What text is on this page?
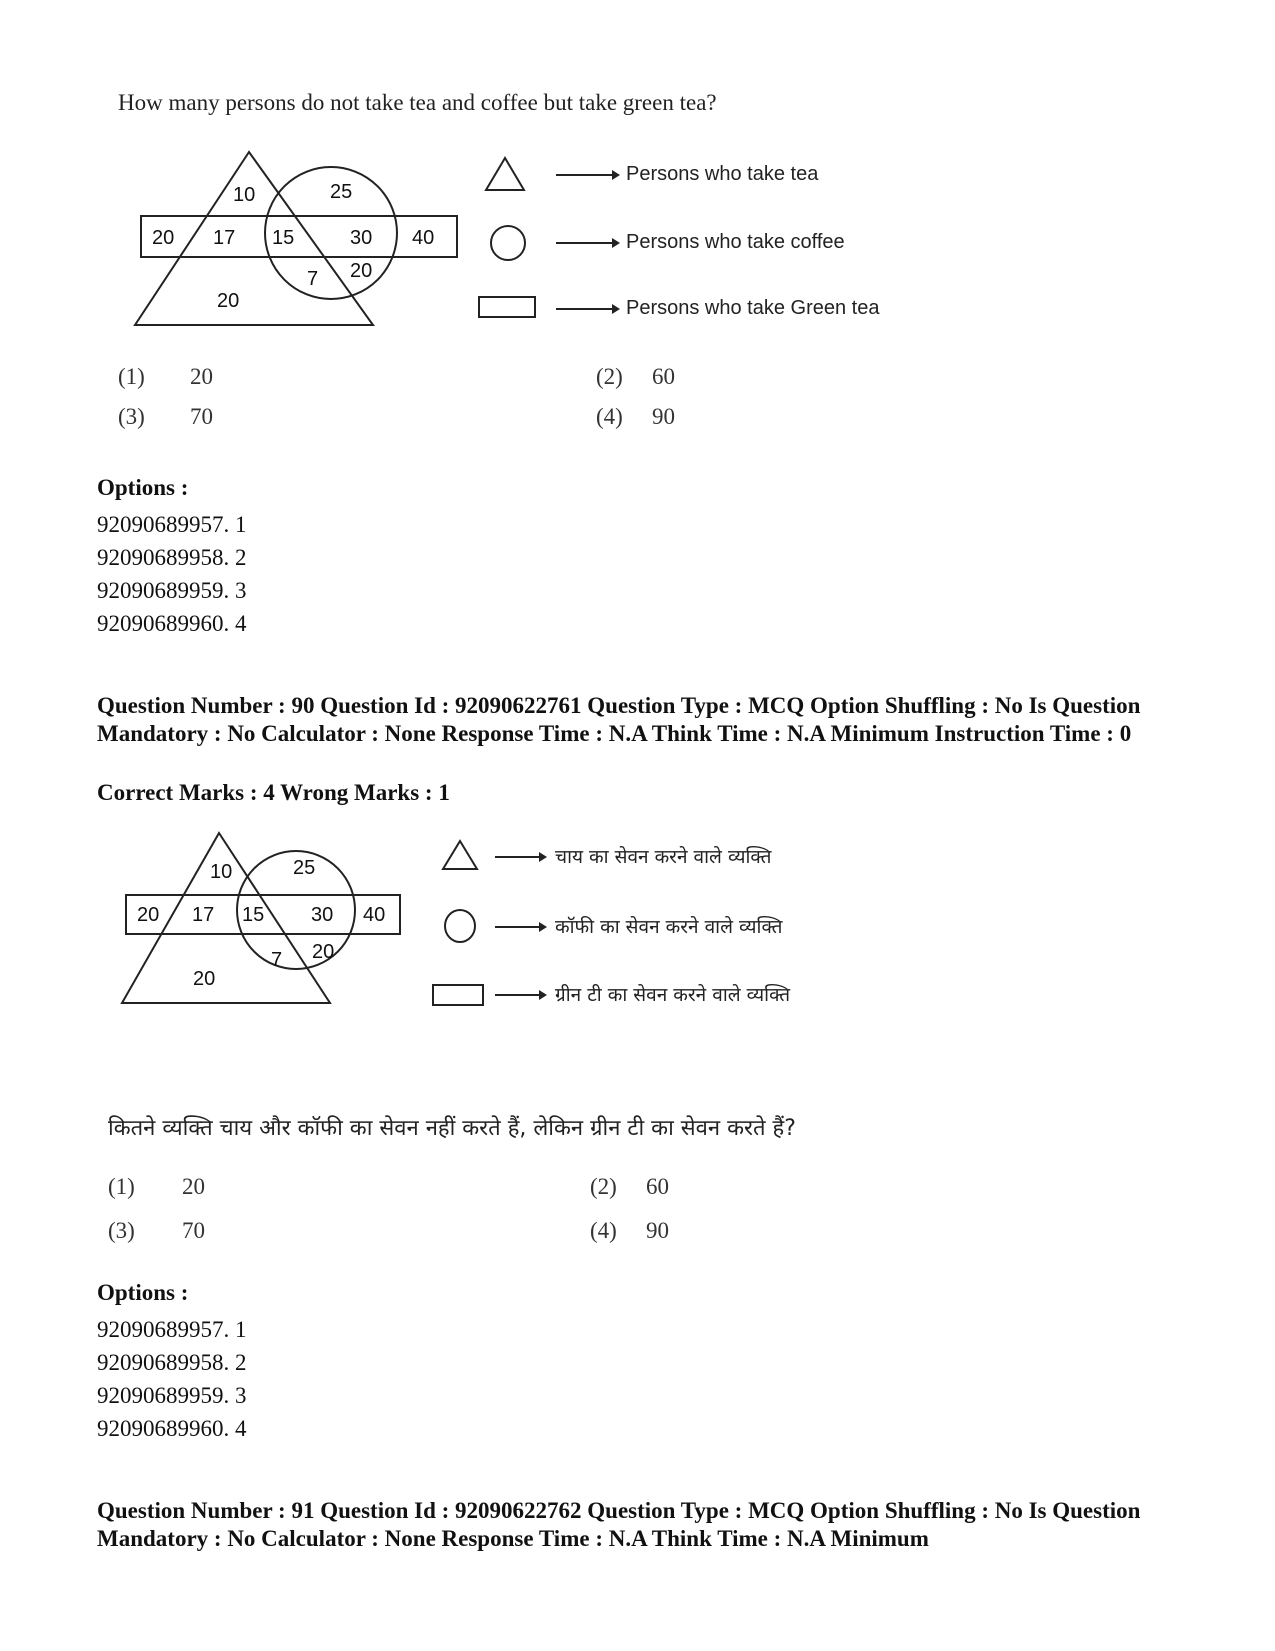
How many persons do not take tea and coffee but take green tea?
10	25
20 17 15	30 40
7 20
20
Persons who take tea
Persons who take coffee
Persons who take Green tea
(1) 20	(2) 60
(3) 70	(4) 90
Options :
92090689957. 1
92090689958. 2
92090689959. 3
92090689960. 4
Question Number : 90 Question Id : 92090622761 Question Type : MCQ Option Shuffling : No Is Question Mandatory : No Calculator : None Response Time : N.A Think Time : N.A Minimum Instruction Time : 0
Correct Marks : 4 Wrong Marks : 1
10	25
20 17 15 30 40
7 20
20
चाय का सेवन करने वाले व्यक्ति
कॉफी का सेवन करने वाले व्यक्ति
ग्रीन टी का सेवन करने वाले व्यक्ति
कितने व्यक्ति चाय और कॉफी का सेवन नहीं करते हैं, लेकिन ग्रीन टी का सेवन करते हैं?
(1) 20	(2) 60
(3) 70	(4) 90
Options :
92090689957. 1
92090689958. 2
92090689959. 3
92090689960. 4
Question Number : 91 Question Id : 92090622762 Question Type : MCQ Option Shuffling : No Is Question Mandatory : No Calculator : None Response Time : N.A Think Time : N.A Minimum
